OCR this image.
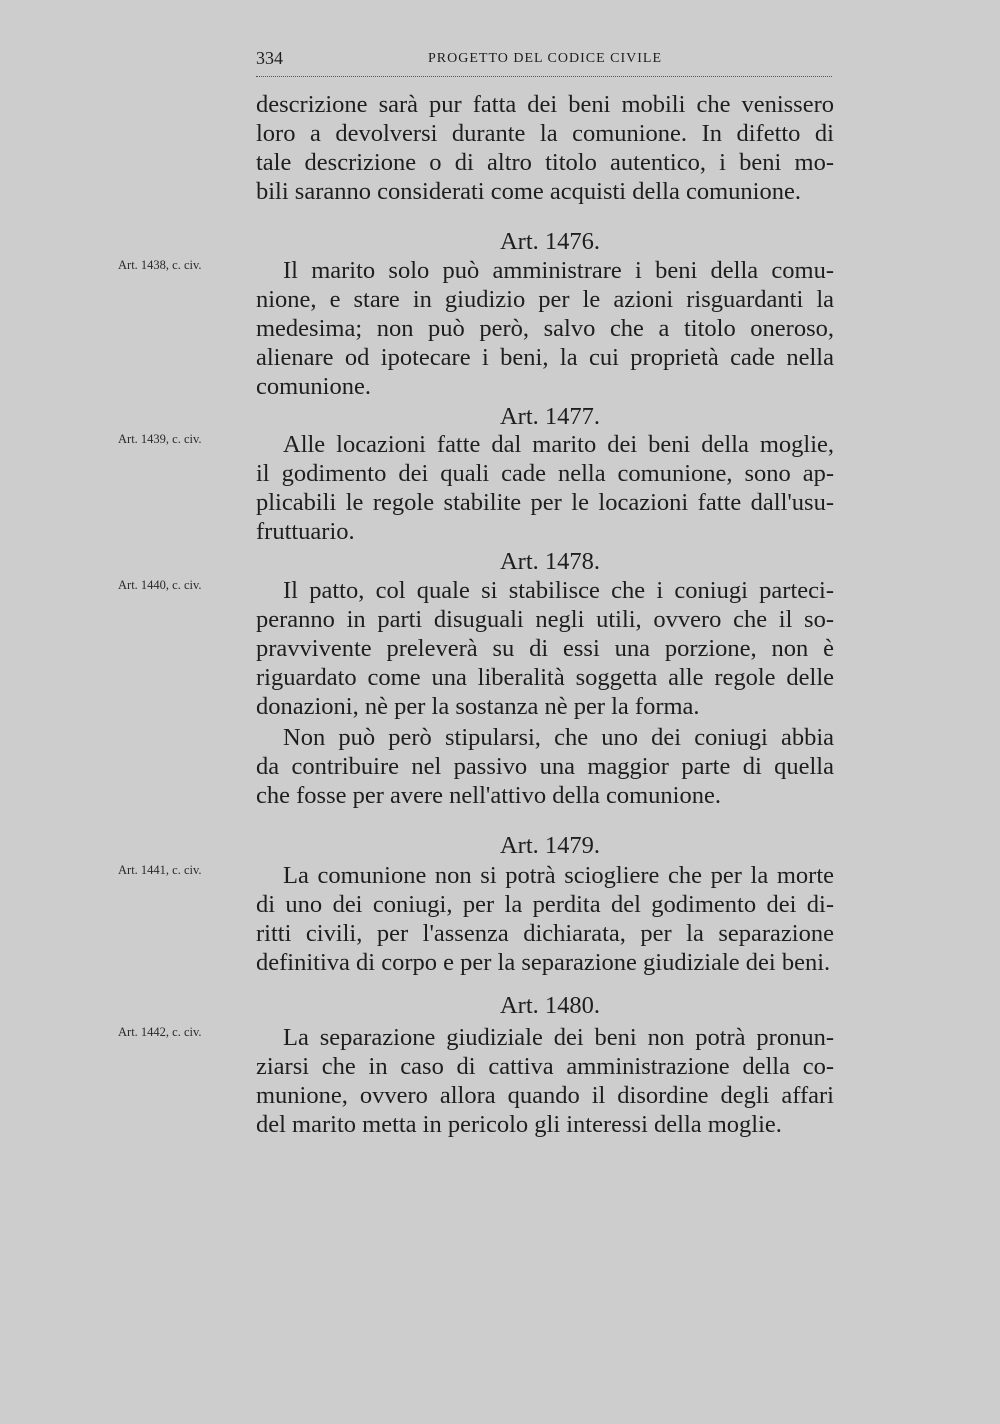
334	PROGETTO DEL CODICE CIVILE
descrizione sarà pur fatta dei beni mobili che venissero
loro a devolversi durante la comunione. In difetto di
tale descrizione o di altro titolo autentico, i beni mo-
bili saranno considerati come acquisti della comunione.
Art. 1476.
Art. 1438, c. civ.	Il marito solo può amministrare i beni della comu-
nione, e stare in giudizio per le azioni risguardanti la
medesima; non può però, salvo che a titolo oneroso,
alienare od ipotecare i beni, la cui proprietà cade nella
comunione.
Art. 1477.
Art. 1439, c. civ.	Alle locazioni fatte dal marito dei beni della moglie,
il godimento dei quali cade nella comunione, sono ap-
plicabili le regole stabilite per le locazioni fatte dall'usu-
fruttuario.
Art. 1478.
Art. 1440, c. civ.	Il patto, col quale si stabilisce che i coniugi parteci-
peranno in parti disuguali negli utili, ovvero che il so-
pravvivente preleverà su di essi una porzione, non è
riguardato come una liberalità soggetta alle regole delle
donazioni, nè per la sostanza nè per la forma.
Non può però stipularsi, che uno dei coniugi abbia
da contribuire nel passivo una maggior parte di quella
che fosse per avere nell'attivo della comunione.
Art. 1479.
Art. 1441, c. civ.	La comunione non si potrà sciogliere che per la morte
di uno dei coniugi, per la perdita del godimento dei di-
ritti civili, per l'assenza dichiarata, per la separazione
definitiva di corpo e per la separazione giudiziale dei beni.
Art. 1480.
Art. 1442, c. civ.	La separazione giudiziale dei beni non potrà pronun-
ziarsi che in caso di cattiva amministrazione della co-
munione, ovvero allora quando il disordine degli affari
del marito metta in pericolo gli interessi della moglie.
